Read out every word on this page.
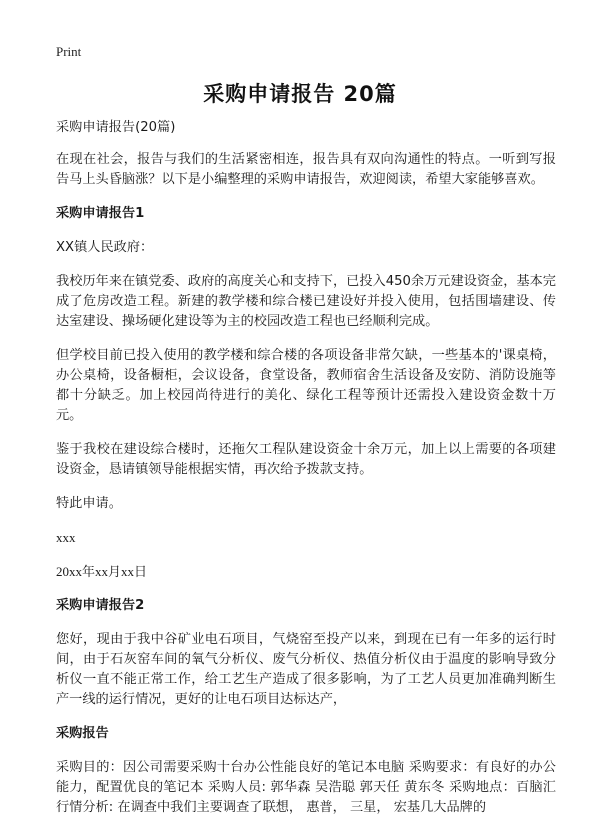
Print
采购申请报告 20篇

采购申请报告(20篇)

在现在社会，报告与我们的生活紧密相连，报告具有双向沟通性的特点。一听到写报告马上头昏脑涨？以下是小编整理的采购申请报告，欢迎阅读，希望大家能够喜欢。

采购申请报告1

XX镇人民政府：

我校历年来在镇党委、政府的高度关心和支持下，已投入450余万元建设资金，基本完成了危房改造工程。新建的教学楼和综合楼已建设好并投入使用，包括围墙建设、传达室建设、操场硬化建设等为主的校园改造工程也已经顺利完成。

但学校目前已投入使用的教学楼和综合楼的各项设备非常欠缺，一些基本的'课桌椅，办公桌椅，设备橱柜，会议设备，食堂设备，教师宿舍生活设备及安防、消防设施等都十分缺乏。加上校园尚待进行的美化、绿化工程等预计还需投入建设资金数十万元。

鉴于我校在建设综合楼时，还拖欠工程队建设资金十余万元，加上以上需要的各项建设资金，恳请镇领导能根据实情，再次给予拨款支持。

特此申请。

xxx

20xx年xx月xx日

采购申请报告2

您好，现由于我中谷矿业电石项目，气烧窑至投产以来，到现在已有一年多的运行时间，由于石灰窑车间的氧气分析仪、废气分析仪、热值分析仪由于温度的影响导致分析仪一直不能正常工作，给工艺生产造成了很多影响，为了工艺人员更加准确判断生产一线的运行情况，更好的让电石项目达标达产，

采购报告

采购目的：因公司需要采购十台办公性能良好的笔记本电脑 采购要求：有良好的办公能力，配置优良的笔记本 采购人员: 郭华森 吴浩聪 郭天任 黄东冬 采购地点：百脑汇 行情分析: 在调查中我们主要调查了联想， 惠普， 三星， 宏基几大品牌的
